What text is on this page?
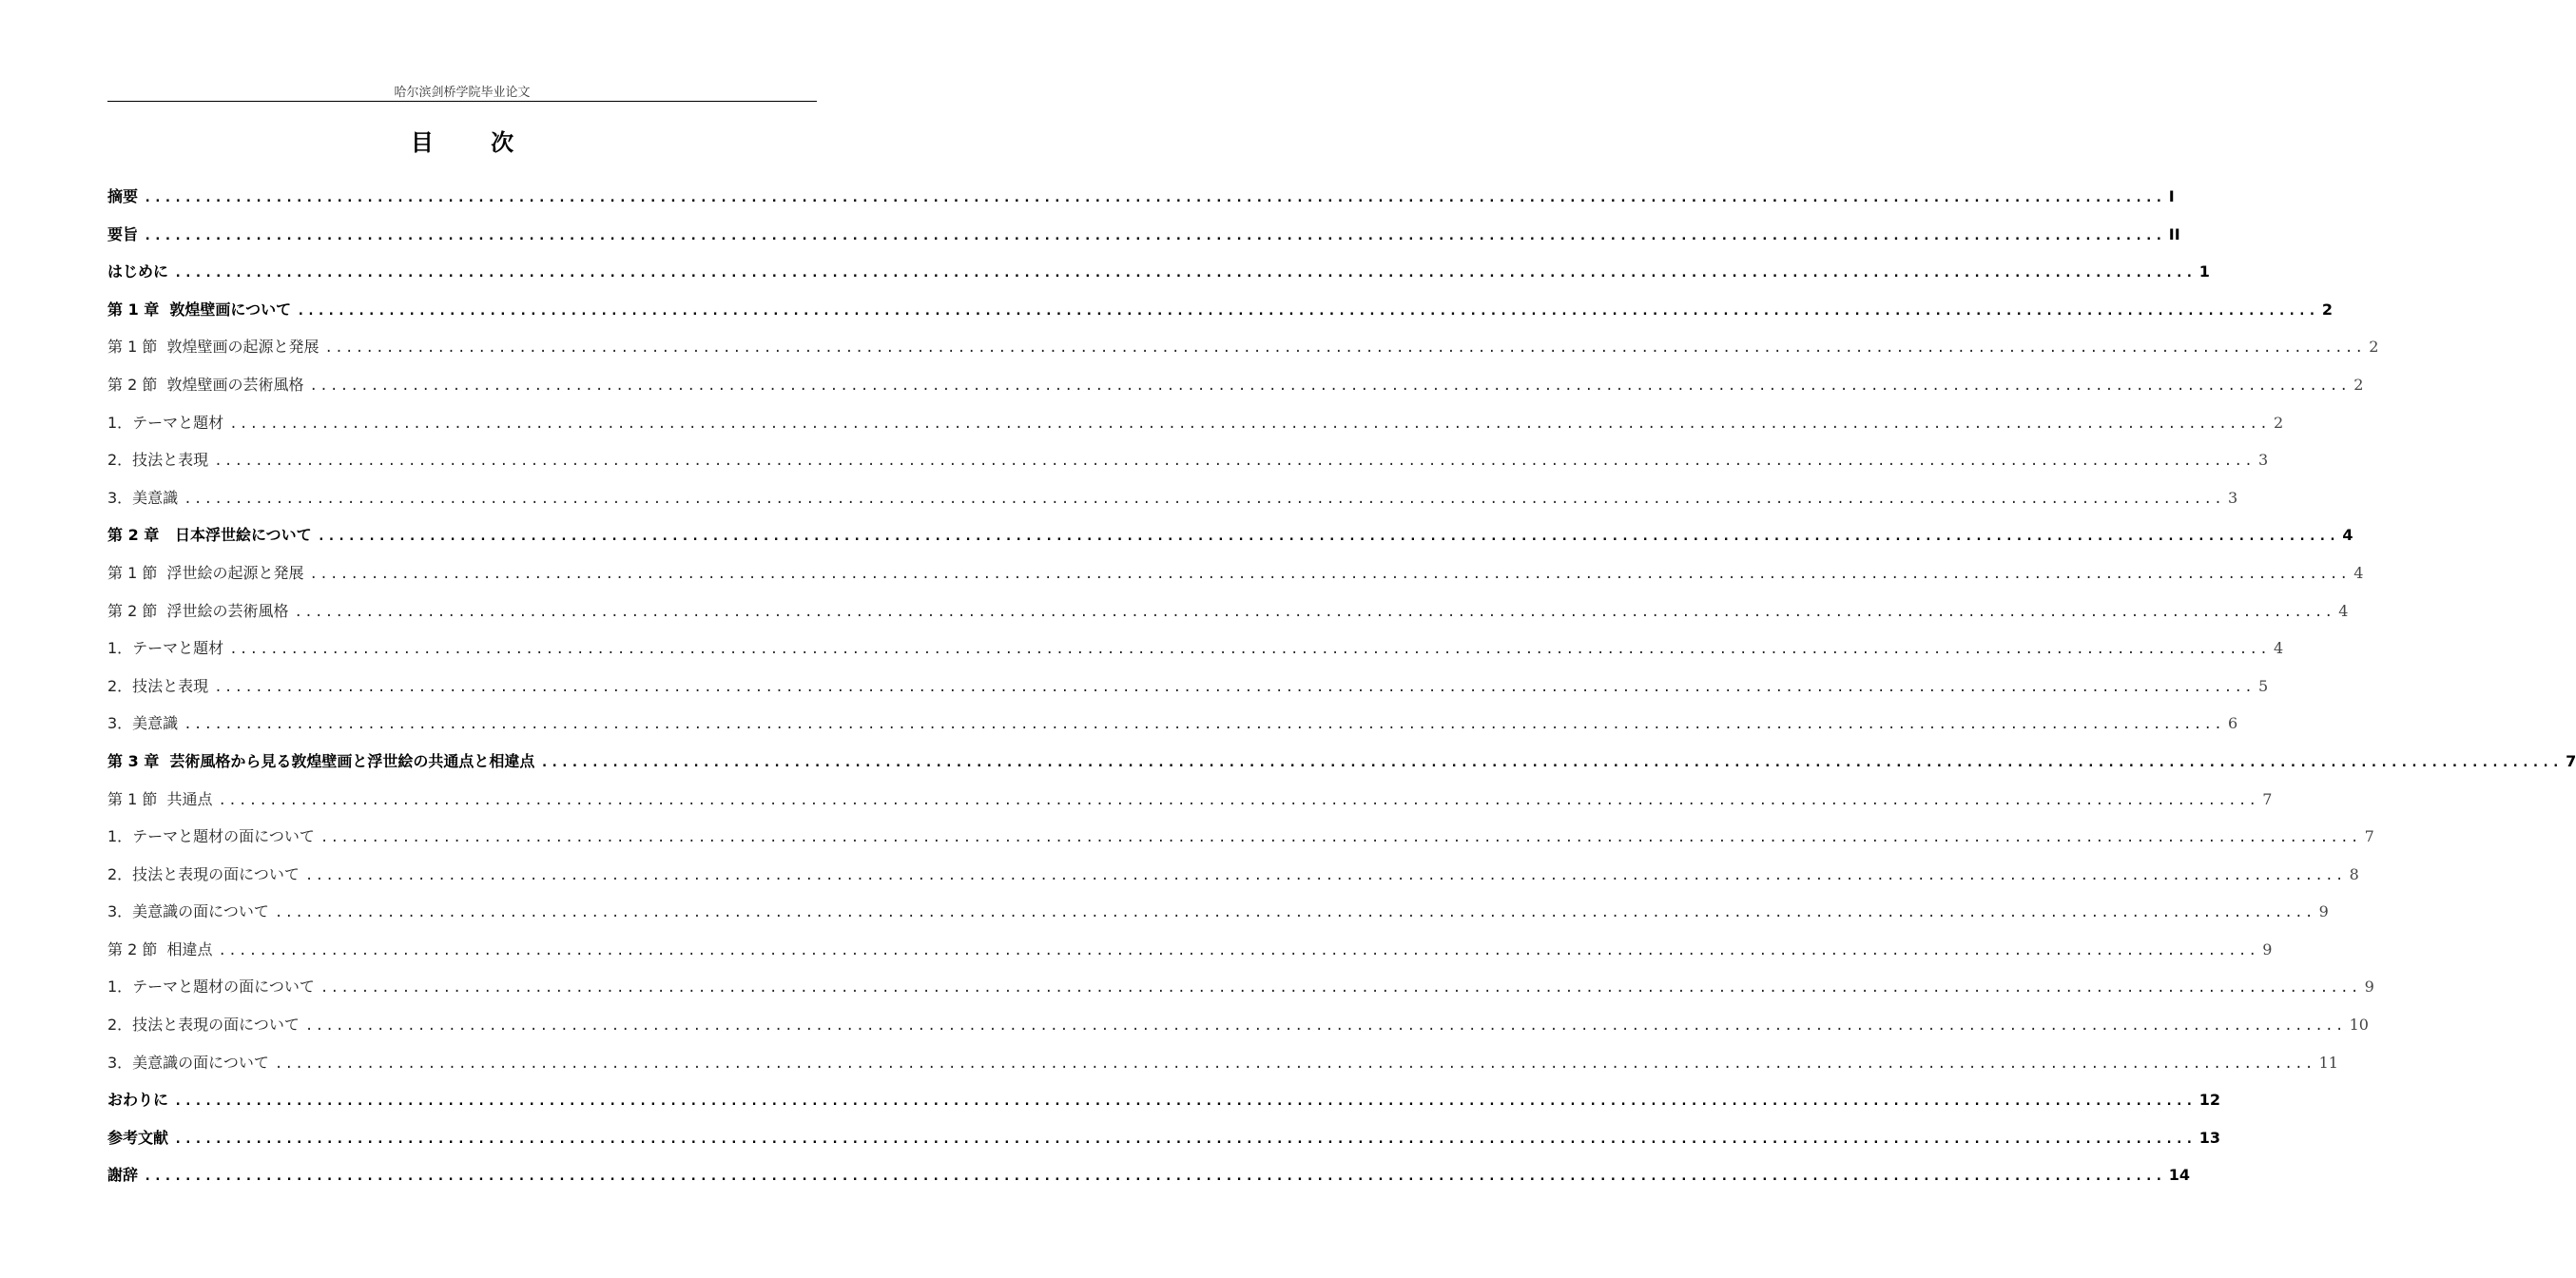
哈尔滨剑桥学院毕业论文
目 次
摘要 ........................................................................................................................................................................................................ I
要旨 ........................................................................................................................................................................................................ II
はじめに ........................................................................................................................................................................................................ 1
第 1 章  敦煌壁画について ........................................................................................................................................................................................................ 2
第 1 節  敦煌壁画の起源と発展 ........................................................................................................................................................................................................ 2
第 2 節  敦煌壁画の芸術風格 ........................................................................................................................................................................................................ 2
1．テーマと題材 ........................................................................................................................................................................................................ 2
2．技法と表現 ........................................................................................................................................................................................................ 3
3．美意識 ........................................................................................................................................................................................................ 3
第 2 章   日本浮世絵について ........................................................................................................................................................................................................ 4
第 1 節  浮世絵の起源と発展 ........................................................................................................................................................................................................ 4
第 2 節  浮世絵の芸術風格 ........................................................................................................................................................................................................ 4
1．テーマと題材 ........................................................................................................................................................................................................ 4
2．技法と表現 ........................................................................................................................................................................................................ 5
3．美意識 ........................................................................................................................................................................................................ 6
第 3 章  芸術風格から見る敦煌壁画と浮世絵の共通点と相違点 ........................................................................................................................................................................................................ 7
第 1 節  共通点 ........................................................................................................................................................................................................ 7
1．テーマと題材の面について ........................................................................................................................................................................................................ 7
2．技法と表現の面について ........................................................................................................................................................................................................ 8
3．美意識の面について ........................................................................................................................................................................................................ 9
第 2 節  相違点 ........................................................................................................................................................................................................ 9
1．テーマと題材の面について ........................................................................................................................................................................................................ 9
2．技法と表現の面について ........................................................................................................................................................................................................ 10
3．美意識の面について ........................................................................................................................................................................................................ 11
おわりに ........................................................................................................................................................................................................ 12
参考文献 ........................................................................................................................................................................................................ 13
謝辞 ........................................................................................................................................................................................................ 14
